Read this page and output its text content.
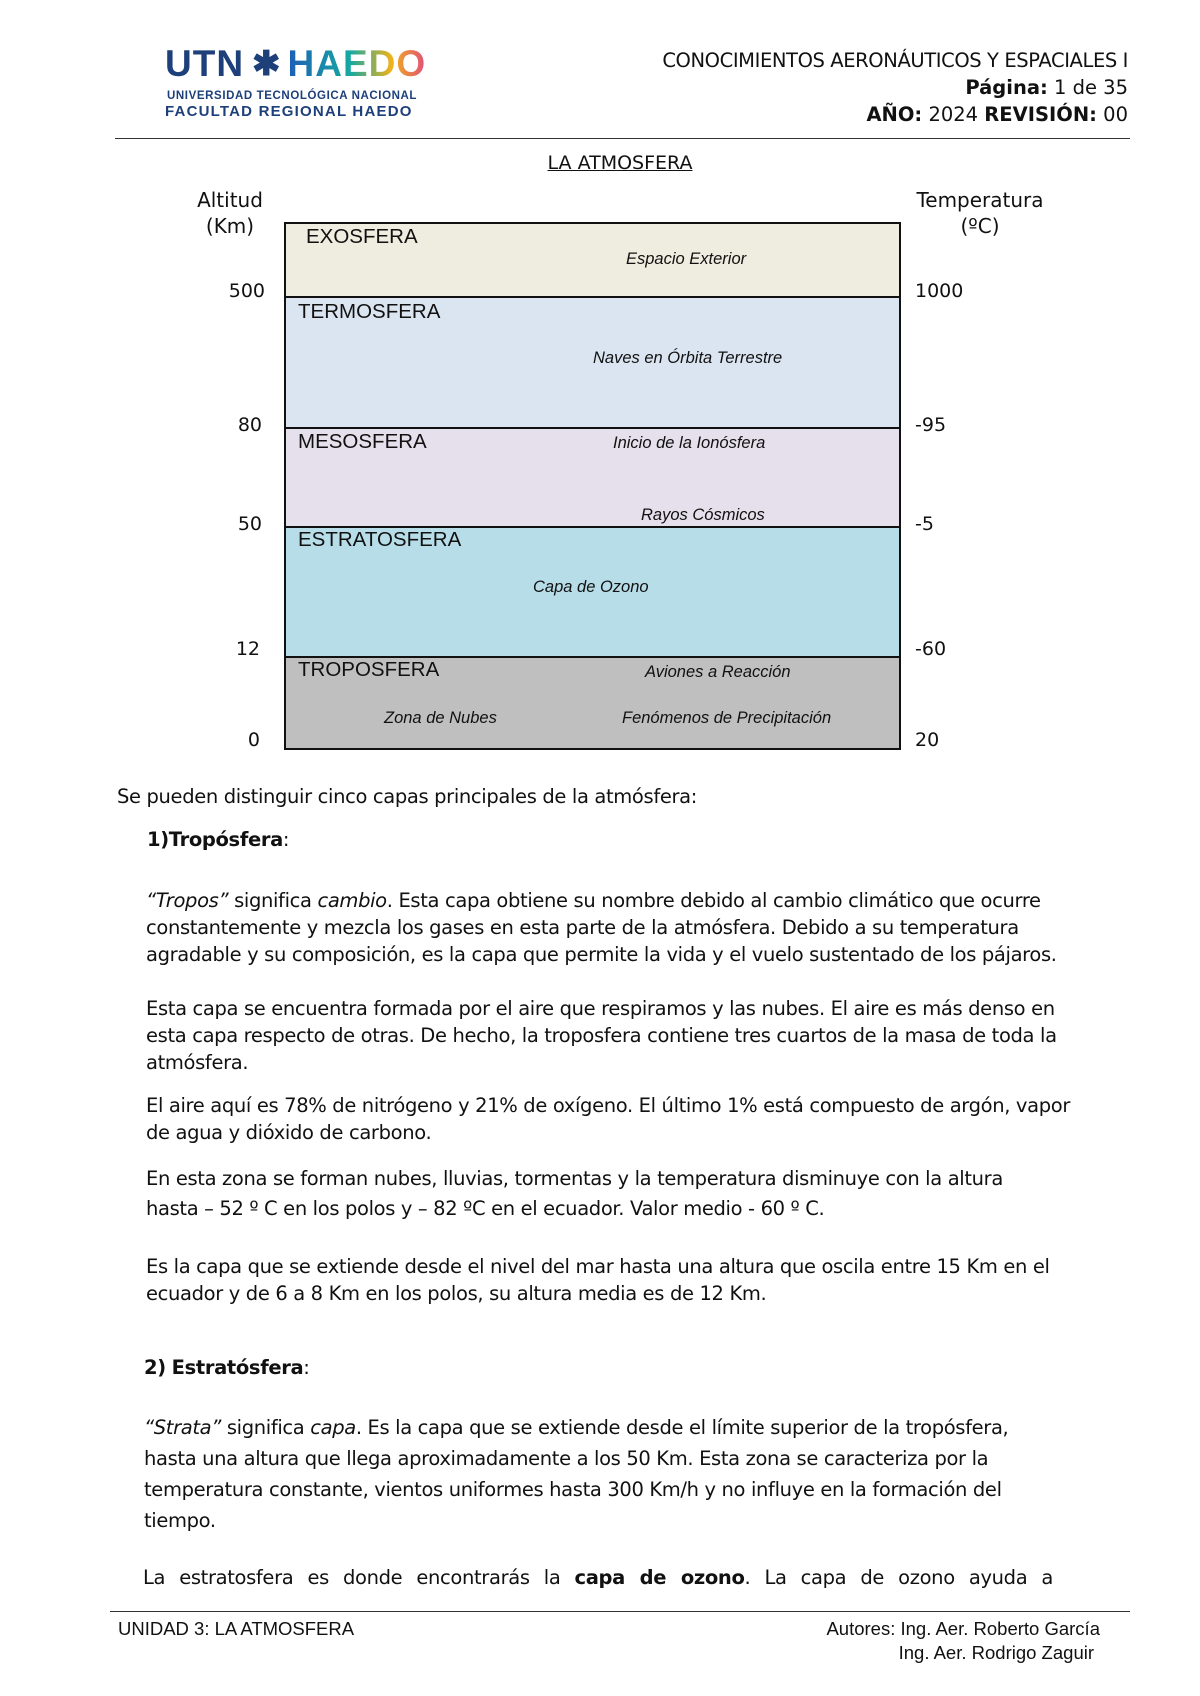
UTN ✱ HAEDO
UNIVERSIDAD TECNOLÓGICA NACIONAL
FACULTAD REGIONAL HAEDO
CONOCIMIENTOS AERONÁUTICOS Y ESPACIALES I
Página: 1 de 35
AÑO: 2024 REVISIÓN: 00
LA ATMOSFERA
Altitud
(Km)
Temperatura
(ºC)
EXOSFERA
Espacio Exterior
TERMOSFERA
Naves en Órbita Terrestre
MESOSFERA	Inicio de la Ionósfera
Rayos Cósmicos
ESTRATOSFERA
Capa de Ozono
TROPOSFERA	Aviones a Reacción
Zona de Nubes	Fenómenos de Precipitación
500
80
50
12
0
1000
-95
-5
-60
20
Se pueden distinguir cinco capas principales de la atmósfera:
1)Tropósfera:
“Tropos” significa cambio. Esta capa obtiene su nombre debido al cambio climático que ocurre
constantemente y mezcla los gases en esta parte de la atmósfera. Debido a su temperatura
agradable y su composición, es la capa que permite la vida y el vuelo sustentado de los pájaros.
Esta capa se encuentra formada por el aire que respiramos y las nubes. El aire es más denso en
esta capa respecto de otras. De hecho, la troposfera contiene tres cuartos de la masa de toda la
atmósfera.
El aire aquí es 78% de nitrógeno y 21% de oxígeno. El último 1% está compuesto de argón, vapor
de agua y dióxido de carbono.
En esta zona se forman nubes, lluvias, tormentas y la temperatura disminuye con la altura
hasta – 52 º C en los polos y – 82 ºC en el ecuador. Valor medio - 60 º C.
Es la capa que se extiende desde el nivel del mar hasta una altura que oscila entre 15 Km en el
ecuador y de 6 a 8 Km en los polos, su altura media es de 12 Km.
2) Estratósfera:
“Strata” significa capa. Es la capa que se extiende desde el límite superior de la tropósfera,
hasta una altura que llega aproximadamente a los 50 Km. Esta zona se caracteriza por la
temperatura constante, vientos uniformes hasta 300 Km/h y no influye en la formación del
tiempo.
La estratosfera es donde encontrarás la capa de ozono. La capa de ozono ayuda a
UNIDAD 3: LA ATMOSFERA	Autores: Ing. Aer. Roberto García
Ing. Aer. Rodrigo Zaguir
